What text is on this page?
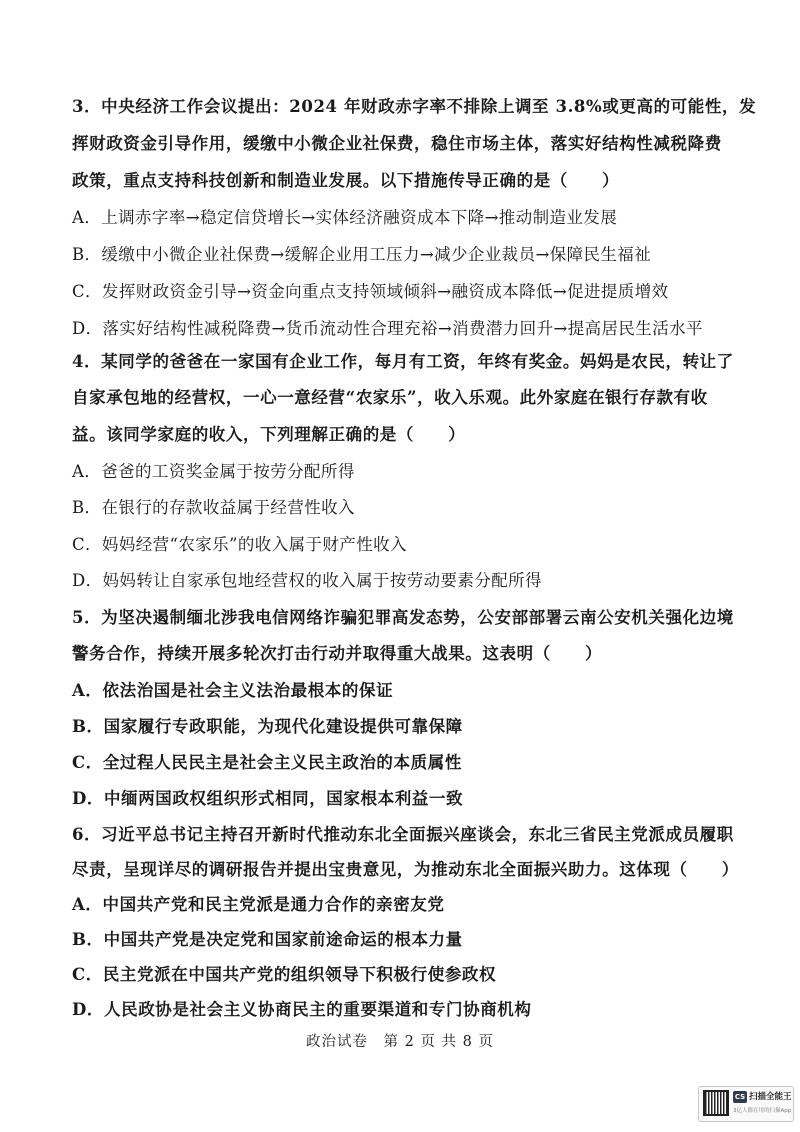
3．中央经济工作会议提出：2024 年财政赤字率不排除上调至 3.8%或更高的可能性，发
挥财政资金引导作用，缓缴中小微企业社保费，稳住市场主体，落实好结构性减税降费
政策，重点支持科技创新和制造业发展。以下措施传导正确的是（　　）
A．上调赤字率→稳定信贷增长→实体经济融资成本下降→推动制造业发展
B．缓缴中小微企业社保费→缓解企业用工压力→减少企业裁员→保障民生福祉
C．发挥财政资金引导→资金向重点支持领域倾斜→融资成本降低→促进提质增效
D．落实好结构性减税降费→货币流动性合理充裕→消费潜力回升→提高居民生活水平
4．某同学的爸爸在一家国有企业工作，每月有工资，年终有奖金。妈妈是农民，转让了
自家承包地的经营权，一心一意经营“农家乐”，收入乐观。此外家庭在银行存款有收
益。该同学家庭的收入，下列理解正确的是（　　）
A．爸爸的工资奖金属于按劳分配所得
B．在银行的存款收益属于经营性收入
C．妈妈经营“农家乐”的收入属于财产性收入
D．妈妈转让自家承包地经营权的收入属于按劳动要素分配所得
5．为坚决遏制缅北涉我电信网络诈骗犯罪高发态势，公安部部署云南公安机关强化边境
警务合作，持续开展多轮次打击行动并取得重大战果。这表明（　　）
A．依法治国是社会主义法治最根本的保证
B．国家履行专政职能，为现代化建设提供可靠保障
C．全过程人民民主是社会主义民主政治的本质属性
D．中缅两国政权组织形式相同，国家根本利益一致
6．习近平总书记主持召开新时代推动东北全面振兴座谈会，东北三省民主党派成员履职
尽责，呈现详尽的调研报告并提出宝贵意见，为推动东北全面振兴助力。这体现（　　）
A．中国共产党和民主党派是通力合作的亲密友党
B．中国共产党是决定党和国家前途命运的根本力量
C．民主党派在中国共产党的组织领导下积极行使参政权
D．人民政协是社会主义协商民主的重要渠道和专门协商机构
政治试卷　第 2 页 共 8 页
CS 扫描全能王
3亿人都在用的扫描App
